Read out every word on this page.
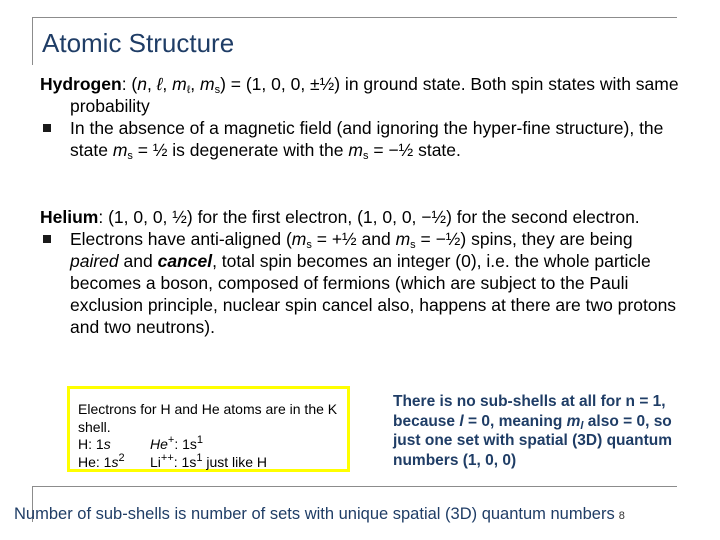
Atomic Structure
Hydrogen: (n, ℓ, $m_\ell$, $m_s) = (1$, 0, 0, ±½) in ground state. Both spin states with same probability
In the absence of a magnetic field (and ignoring the hyper-fine structure), the state $m_s$ = ½ is degenerate with the $m_s$ = −½ state.
Helium: (1, 0, 0, ½) for the first electron, (1, 0, 0, −½) for the second electron.
Electrons have anti-aligned ($m_s$ = +½ and $m_s$ = −½) spins, they are being paired and cancel, total spin becomes an integer (0), i.e. the whole particle becomes a boson, composed of fermions (which are subject to the Pauli exclusion principle, nuclear spin cancel also, happens at there are two protons and two neutrons).
Electrons for H and He atoms are in the K shell.
H: 1s	He+: $1s^1$
He: $1s^2$ Li++: $1s^1$ just like H
There is no sub-shells at all for n = 1, because l = 0, meaning $m_l$ also = 0, so just one set with spatial (3D) quantum numbers (1, 0, 0)
Number of sub-shells is number of sets with unique spatial (3D) quantum numbers 8
